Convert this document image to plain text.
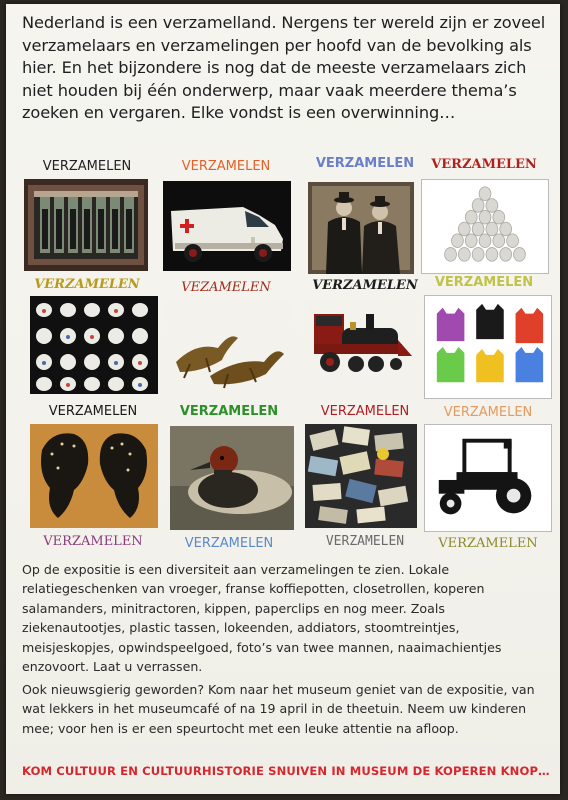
Nederland is een verzamelland. Nergens ter wereld zijn er zoveel verzamelaars en verzamelingen per hoofd van de bevolking als hier. En het bijzondere is nog dat de meeste verzamelaars zich niet houden bij één onderwerp, maar vaak meerdere thema’s zoeken en vergaren. Elke vondst is een overwinning…

VERZAMELEN	VERZAMELEN	VERZAMELEN	VERZAMELEN
VERZAMELEN	VEZAMELEN	VERZAMELEN	VERZAMELEN
VERZAMELEN	VERZAMELEN	VERZAMELEN	VERZAMELEN
VERZAMELEN	VERZAMELEN	VERZAMELEN	VERZAMELEN

Op de expositie is een diversiteit aan verzamelingen te zien. Lokale relatiegeschenken van vroeger, franse koffiepotten, closetrollen, koperen salamanders, minitractoren, kippen, paperclips en nog meer. Zoals ziekenautootjes, plastic tassen, lokeenden, addiators, stoomtreintjes, meisjeskopjes, opwindspeelgoed, foto’s van twee mannen, naaimachientjes enzovoort. Laat u verrassen.

Ook nieuwsgierig geworden? Kom naar het museum geniet van de expositie, van wat lekkers in het museumcafé of na 19 april in de theetuin. Neem uw kinderen mee; voor hen is er een speurtocht met een leuke attentie na afloop.

KOM CULTUUR EN CULTUURHISTORIE SNUIVEN IN MUSEUM DE KOPEREN KNOP…
